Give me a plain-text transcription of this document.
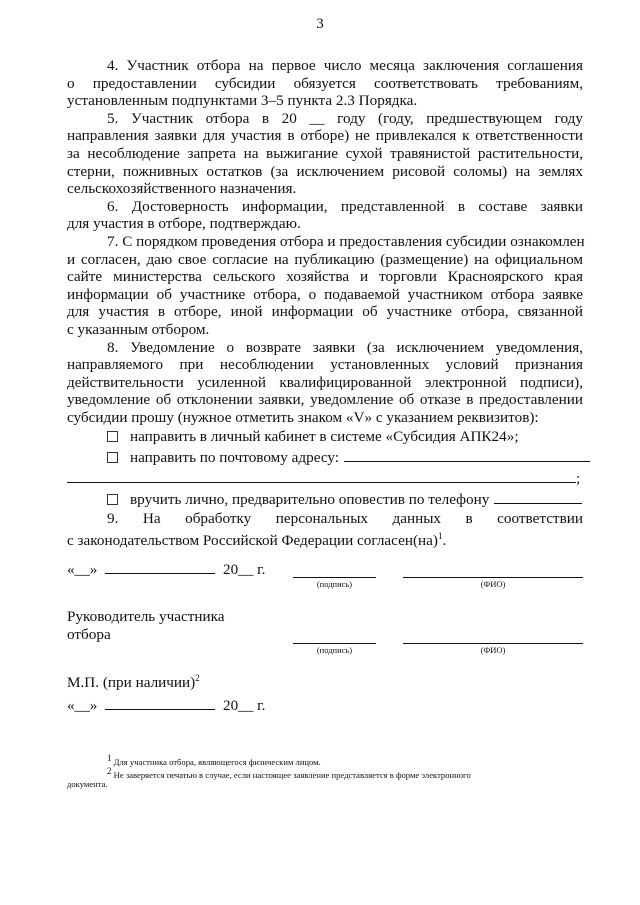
3
4. Участник отбора на первое число месяца заключения соглашения
о предоставлении субсидии обязуется соответствовать требованиям,
установленным подпунктами 3–5 пункта 2.3 Порядка.
5. Участник отбора в 20 __ году (году, предшествующем году
направления заявки для участия в отборе) не привлекался к ответственности
за несоблюдение запрета на выжигание сухой травянистой растительности,
стерни, пожнивных остатков (за исключением рисовой соломы) на землях
сельскохозяйственного назначения.
6. Достоверность информации, представленной в составе заявки
для участия в отборе, подтверждаю.
7. С порядком проведения отбора и предоставления субсидии ознакомлен
и согласен, даю свое согласие на публикацию (размещение) на официальном
сайте министерства сельского хозяйства и торговли Красноярского края
информации об участнике отбора, о подаваемой участником отбора заявке
для участия в отборе, иной информации об участнике отбора, связанной
с указанным отбором.
8. Уведомление о возврате заявки (за исключением уведомления,
направляемого при несоблюдении установленных условий признания
действительности усиленной квалифицированной электронной подписи),
уведомление об отклонении заявки, уведомление об отказе в предоставлении
субсидии прошу (нужное отметить знаком «V» с указанием реквизитов):
направить в личный кабинет в системе «Субсидия АПК24»;
направить по почтовому адресу:
;
вручить лично, предварительно оповестив по телефону
9. На обработку персональных данных в соответствии
с законодательством Российской Федерации согласен(на)$^1$.
«__»	20__ г.
(подпись)	(ФИО)
Руководитель участника
отбора
(подпись)	(ФИО)
М.П. (при наличии)$^2$
«__»	20__ г.
$^1$ Для участника отбора, являющегося физическим лицом.
$^2$ Не заверяется печатью в случае, если настоящее заявление представляется в форме электронного
документа.
